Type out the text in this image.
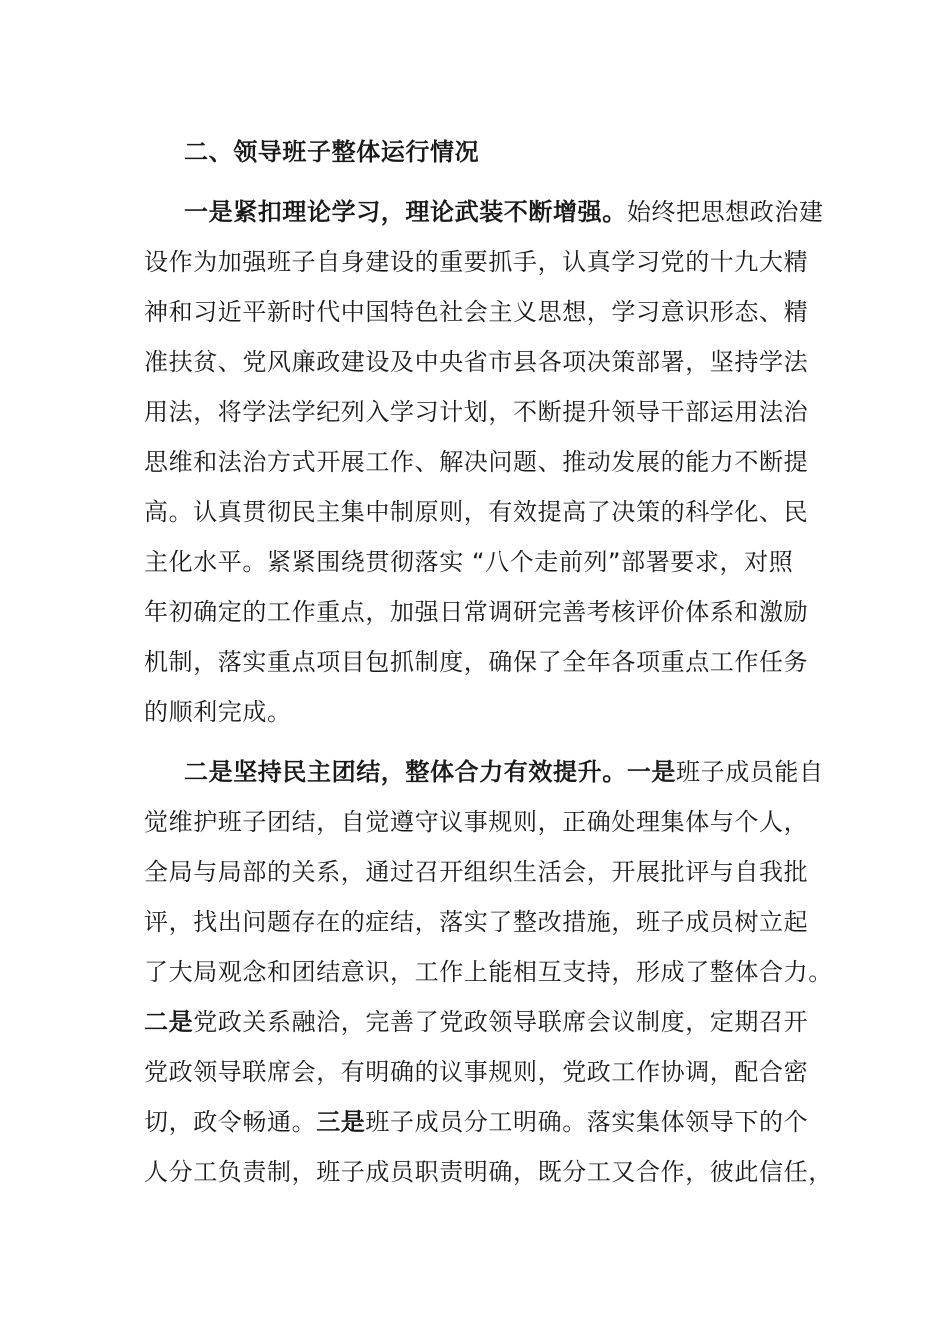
二、领导班子整体运行情况
一是紧扣理论学习，理论武装不断增强。始终把思想政治建
设作为加强班子自身建设的重要抓手，认真学习党的十九大精
神和习近平新时代中国特色社会主义思想，学习意识形态、精
准扶贫、党风廉政建设及中央省市县各项决策部署，坚持学法
用法，将学法学纪列入学习计划，不断提升领导干部运用法治
思维和法治方式开展工作、解决问题、推动发展的能力不断提
高。认真贯彻民主集中制原则，有效提高了决策的科学化、民
主化水平。紧紧围绕贯彻落实 “八个走前列”部署要求，对照
年初确定的工作重点，加强日常调研完善考核评价体系和激励
机制，落实重点项目包抓制度，确保了全年各项重点工作任务
的顺利完成。
二是坚持民主团结，整体合力有效提升。一是班子成员能自
觉维护班子团结，自觉遵守议事规则，正确处理集体与个人，
全局与局部的关系，通过召开组织生活会，开展批评与自我批
评，找出问题存在的症结，落实了整改措施，班子成员树立起
了大局观念和团结意识，工作上能相互支持，形成了整体合力。
二是党政关系融洽，完善了党政领导联席会议制度，定期召开
党政领导联席会，有明确的议事规则，党政工作协调，配合密
切，政令畅通。三是班子成员分工明确。落实集体领导下的个
人分工负责制，班子成员职责明确，既分工又合作，彼此信任，
